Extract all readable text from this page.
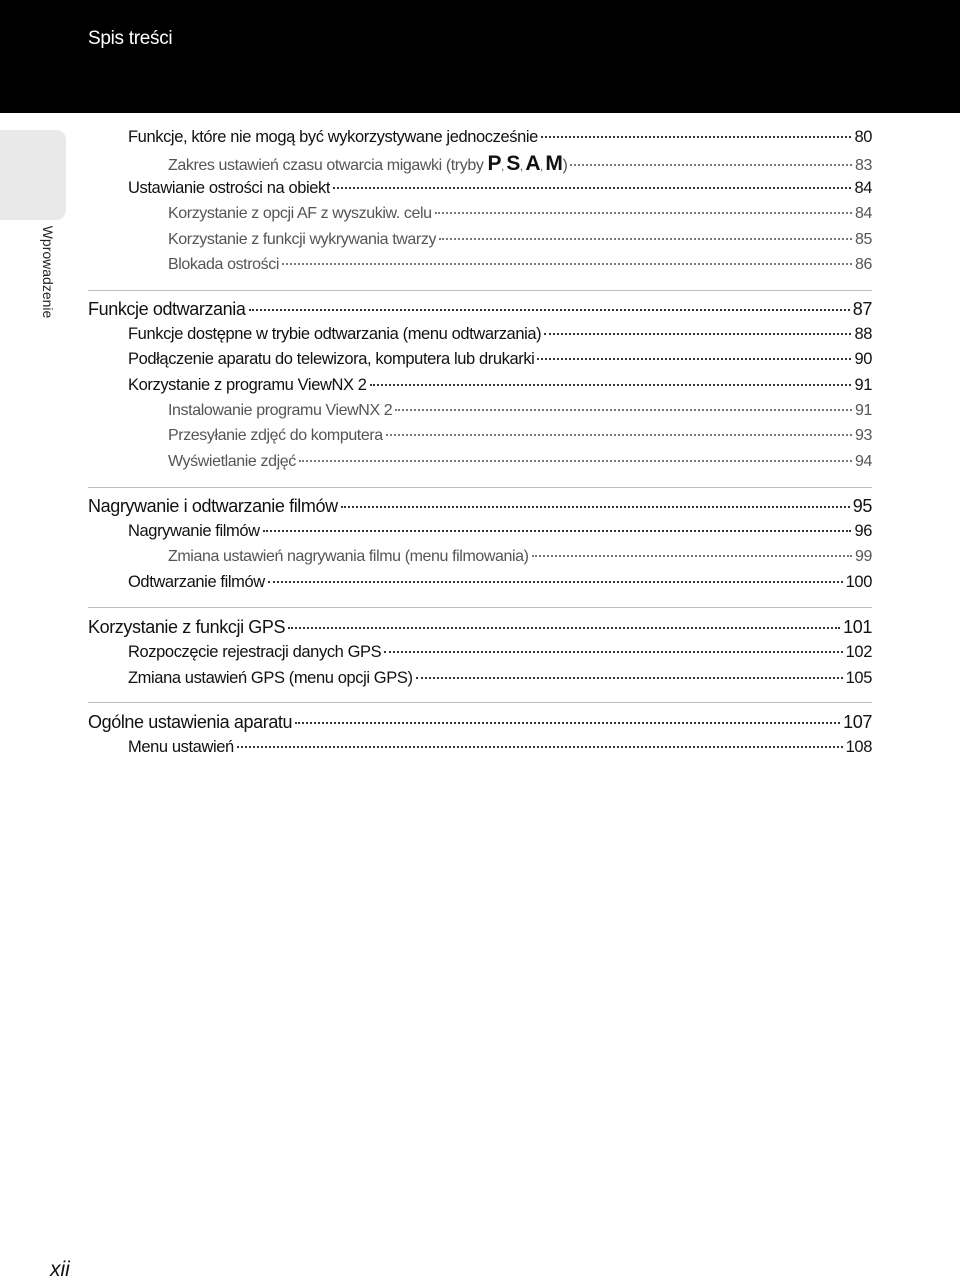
Spis treści
Wprowadzenie
Funkcje, które nie mogą być wykorzystywane jednocześnie	80
Zakres ustawień czasu otwarcia migawki (tryby P, S, A, M)	83
Ustawianie ostrości na obiekt	84
Korzystanie z opcji AF z wyszukiw. celu	84
Korzystanie z funkcji wykrywania twarzy	85
Blokada ostrości	86
Funkcje odtwarzania	87
Funkcje dostępne w trybie odtwarzania (menu odtwarzania)	88
Podłączenie aparatu do telewizora, komputera lub drukarki	90
Korzystanie z programu ViewNX 2	91
Instalowanie programu ViewNX 2	91
Przesyłanie zdjęć do komputera	93
Wyświetlanie zdjęć	94
Nagrywanie i odtwarzanie filmów	95
Nagrywanie filmów	96
Zmiana ustawień nagrywania filmu (menu filmowania)	99
Odtwarzanie filmów	100
Korzystanie z funkcji GPS	101
Rozpoczęcie rejestracji danych GPS	102
Zmiana ustawień GPS (menu opcji GPS)	105
Ogólne ustawienia aparatu	107
Menu ustawień	108
xii
